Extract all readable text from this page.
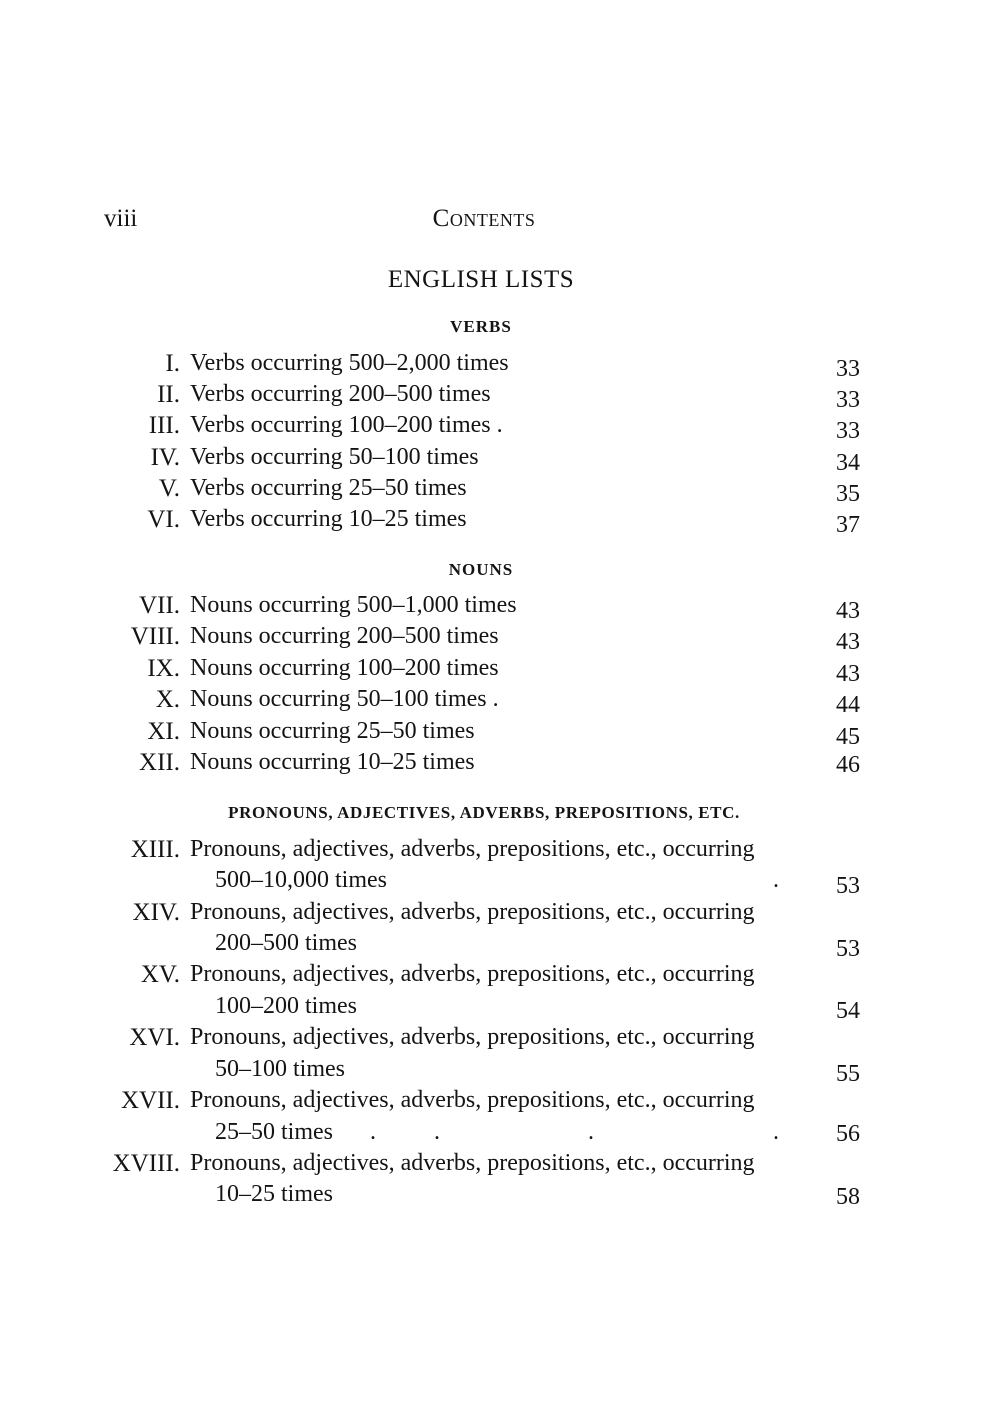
viii	Contents
ENGLISH LISTS
VERBS
I. Verbs occurring 500–2,000 times	33
II. Verbs occurring 200–500 times	33
III. Verbs occurring 100–200 times .	33
IV. Verbs occurring 50–100 times	34
V. Verbs occurring 25–50 times	35
VI. Verbs occurring 10–25 times	37
NOUNS
VII. Nouns occurring 500–1,000 times	43
VIII. Nouns occurring 200–500 times	43
IX. Nouns occurring 100–200 times	43
X. Nouns occurring 50–100 times .	44
XI. Nouns occurring 25–50 times	45
XII. Nouns occurring 10–25 times	46
PRONOUNS, ADJECTIVES, ADVERBS, PREPOSITIONS, ETC.
XIII. Pronouns, adjectives, adverbs, prepositions, etc., occurring
500–10,000 times	.	53
XIV. Pronouns, adjectives, adverbs, prepositions, etc., occurring
200–500 times	53
XV. Pronouns, adjectives, adverbs, prepositions, etc., occurring
100–200 times	54
XVI. Pronouns, adjectives, adverbs, prepositions, etc., occurring
50–100 times	55
XVII. Pronouns, adjectives, adverbs, prepositions, etc., occurring
25–50 times . .	.	.	56
XVIII. Pronouns, adjectives, adverbs, prepositions, etc., occurring
10–25 times	58
